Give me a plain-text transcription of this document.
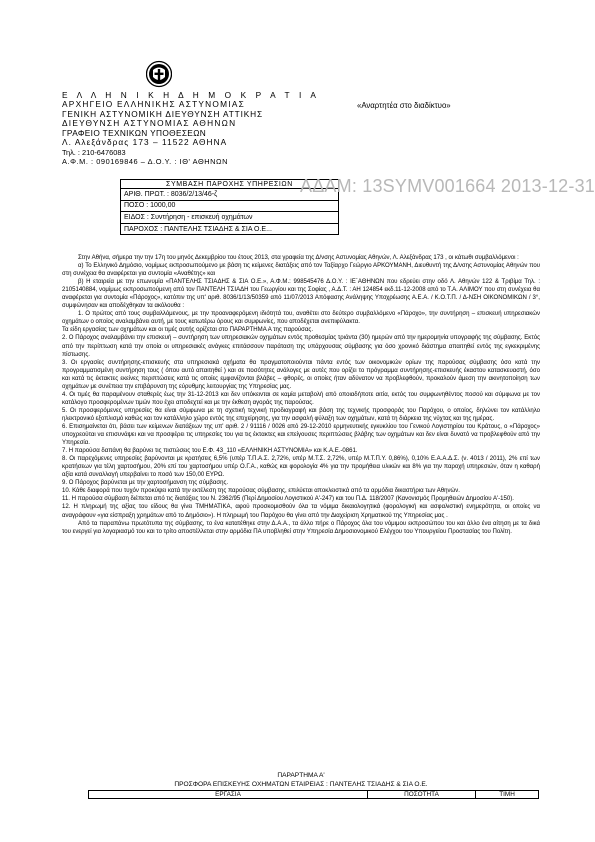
Ε Λ Λ Η Ν Ι Κ Η Δ Η Μ Ο Κ Ρ Α Τ Ι Α
ΑΡΧΗΓΕΙΟ ΕΛΛΗΝΙΚΗΣ ΑΣΤΥΝΟΜΙΑΣ
ΓΕΝΙΚΗ ΑΣΤΥΝΟΜΙΚΗ ΔΙΕΥΘΥΝΣΗ ΑΤΤΙΚΗΣ
ΔΙΕΥΘΥΝΣΗ ΑΣΤΥΝΟΜΙΑΣ ΑΘΗΝΩΝ
ΓΡΑΦΕΙΟ ΤΕΧΝΙΚΩΝ ΥΠΟΘΕΣΕΩΝ
Λ. Αλεξάνδρας 173 – 11522 ΑΘΗΝΑ
Τηλ. : 210-6476083
Α.Φ.Μ. : 090169846 – Δ.Ο.Υ. : ΙΘ' ΑΘΗΝΩΝ
«Αναρτητέα στο διαδίκτυο»
ΣΥΜΒΑΣΗ ΠΑΡΟΧΗΣ ΥΠΗΡΕΣΙΩΝ
ΑΡΙΘ. ΠΡΩΤ. : 8036/2/13/46-ζ
ΠΟΣΟ : 1000,00
ΕΙΔΟΣ : Συντήρηση - επισκευή οχημάτων
ΠΑΡΟΧΟΣ : ΠΑΝΤΕΛΗΣ ΤΣΙΑΔΗΣ & ΣΙΑ Ο.Ε...
ΑΔΑΜ: 13SYMV001664 2013-12-31

Στην Αθήνα, σήμερα την την 17η του μηνός Δεκεμβρίου του έτους 2013, στα γραφεία της Δ/νσης Αστυνομίας Αθηνών, Λ. Αλεξάνδρας 173 , οι κάτωθι συμβαλλόμενοι :

α) Το Ελληνικό Δημόσιο, νομίμως εκπροσωπούμενο με βάση τις κείμενες διατάξεις από τον Ταξίαρχο Γεώργιο ΑΡΚΟΥΜΑΝΗ, Διευθυντή της Δ/νσης Αστυνομίας Αθηνών που στη συνέχεια θα αναφέρεται για συντομία «Αναθέτης» και

β) Η εταιρεία με την επωνυμία «ΠΑΝΤΕΛΗΣ ΤΣΙΑΔΗΣ & ΣΙΑ Ο.Ε.», Α.Φ.Μ.: 998545476 Δ.Ο.Υ. : ΙΕ΄ΑΘΗΝΩΝ που εδρεύει στην οδό Λ. Αθηνών 122 & Τριβίμα Τηλ. : 2105140884, νομίμως εκπροσωπούμενη από τον ΠΑΝΤΕΛΗ ΤΣΙΑΔΗ του Γεωργίου και της Σοφίας , Α.Δ.Τ. : ΑΗ 124854 εκδ.11-12-2008 από το Τ.Α. ΑΛΙΜΟΥ που στη συνέχεια θα αναφέρεται για συντομία «Πάροχος», κατόπιν της υπ' αριθ. 8036/1/13/50359 από 11/07/2013 Απόφασης Ανάληψης Υποχρέωσης Α.Ε.Α. / Κ.Ο.Τ.Π. / Δ-ΝΣΗ ΟΙΚΟΝΟΜΙΚΩΝ / 3°, συμφώνησαν και αποδέχθηκαν τα ακόλουθα :

1. Ο πρώτος από τους συμβαλλόμενους, με την προαναφερόμενη ιδιότητά του, αναθέτει στο δεύτερο συμβαλλόμενο «Πάροχο», την συντήρηση – επισκευή υπηρεσιακών οχημάτων ο οποίος αναλαμβάνει αυτή, με τους κατωτέρω όρους και συμφωνίες, που αποδέχεται ανεπιφύλακτα.

Τα είδη εργασίας των οχημάτων και οι τιμές αυτής ορίζεται στο ΠΑΡΑΡΤΗΜΑ Α της παρούσας.

2. Ο Πάροχος αναλαμβάνει την επισκευή – συντήρηση των υπηρεσιακών οχημάτων εντός προθεσμίας τριάντα (30) ημερών από την ημερομηνία υπογραφής της σύμβασης. Εκτός από την περίπτωση κατά την οποία οι υπηρεσιακές ανάγκες επιτάσσουν παράταση της υπάρχουσας σύμβασης για όσο χρονικό διάστημα απαιτηθεί εντός της εγκεκριμένης πίστωσης.

3. Οι εργασίες συντήρησης-επισκευής στα υπηρεσιακά οχήματα θα πραγματοποιούνται πάντα εντός των οικονομικών ορίων της παρούσας σύμβασης όσο κατά την προγραμματισμένη συντήρηση τους ( όπου αυτό απαιτηθεί ) και σε ποσότητες ανάλογες με αυτές που ορίζει το πρόγραμμα συντήρησης-επισκευής έκαστου κατασκευαστή, όσο και κατά τις έκτακτες εκείνες περιπτώσεις κατά τις οποίες εμφανίζονται βλάβες – φθορές, οι οποίες ήταν αδύνατον να προβλεφθούν, προκαλούν άμεση την ακινητοποίηση των οχημάτων με συνέπεια την επιβάρυνση της εύρυθμης λειτουργίας της Υπηρεσίας μας.

4. Οι τιμές θα παραμένουν σταθερές έως την 31-12-2013 και δεν υπόκεινται σε καμία μεταβολή από οποιαδήποτε αιτία, εκτός του συμφωνηθέντος ποσού και σύμφωνα με τον κατάλογο προσφερομένων τιμών που έχει αποδεχτεί και με την έκθεση αγοράς της παρούσας.

5. Οι προσφερόμενες υπηρεσίες θα είναι σύμφωνα με τη σχετική τεχνική προδιαγραφή και βάση της τεχνικής προσφοράς του Παρόχου, ο οποίος, δηλώνει τον κατάλληλο ηλεκτρονικό εξοπλισμό καθώς και τον κατάλληλο χώρο εντός της επιχείρησης, για την ασφαλή φύλαξη των οχημάτων, κατά τη διάρκεια της νύχτας και της ημέρας.

6. Επισημαίνεται ότι, βάσει των κείμενων διατάξεων της υπ' αριθ. 2 / 91116 / 0026 από 29-12-2010 ερμηνευτικής εγκυκλίου του Γενικού Λογιστηρίου του Κράτους, ο «Πάροχος» υποχρεούται να επισυνάψει και να προσφέρει τις υπηρεσίες του για τις έκτακτες και επείγουσες περιπτώσεις βλάβης των οχημάτων και δεν είναι δυνατό να προβλεφθούν από την Υπηρεσία.

7. Η παρούσα δαπάνη θα βαρύνει τις πιστώσεις του Ε.Φ. 43_110 «ΕΛΛΗΝΙΚΗ ΑΣΤΥΝΟΜΙΑ» και Κ.Α.Ε.-0861.

8. Οι παρεχόμενες υπηρεσίες βαρύνονται με κρατήσεις 6,5% (υπέρ Τ.Π.Α.Σ. 2,72%, υπέρ Μ.Τ.Σ. 2,72%, υπέρ Μ.Τ.Π.Υ. 0,86%), 0,10% Ε.Α.Α.Δ.Σ. (ν. 4013 / 2011), 2% επί των κρατήσεων για τέλη χαρτοσήμου, 20% επί του χαρτοσήμου υπέρ Ο.Γ.Α., καθώς και φορολογία 4% για την προμήθεια υλικών και 8% για την παροχή υπηρεσιών, όταν η καθαρή αξία κατά συναλλαγή υπερβαίνει το ποσό των 150,00 ΕΥΡΩ.

9. Ο Πάροχος βαρύνεται με την χαρτοσήμανση της σύμβασης.

10. Κάθε διαφορά που τυχόν προκύψει κατά την εκτέλεση της παρούσας σύμβασης, επιλύεται αποκλειστικά από τα αρμόδια δικαστήρια των Αθηνών.

11. Η παρούσα σύμβαση διέπεται από τις διατάξεις του Ν. 2362/95 (Περί Δημοσίου Λογιστικού Α'-247) και του Π.Δ. 118/2007 (Κανονισμός Προμηθειών Δημοσίου Α'-150).

12. Η πληρωμή της αξίας του είδους θα γίνει ΤΜΗΜΑΤΙΚΑ, αφού προσκομισθούν όλα τα νόμιμα δικαιολογητικά (φορολογική και ασφαλιστική ενημερότητα, οι οποίες να αναγράφουν «για είσπραξη χρημάτων από το Δημόσιο»). Η πληρωμή του Παρόχου θα γίνει από την Διαχείριση Χρηματικού της Υπηρεσίας μας .

Από τα παραπάνω πρωτότυπα της σύμβασης, το ένα κατατέθηκε στην Δ.Α.Α., τα άλλο πήρε ο Πάροχος όλα του νόμιμου εκπροσώπου του και άλλο ένα αίτηση με τα δικά του ενεργεί για λογαριασμό του και το τρίτο αποστέλλεται στην αρμόδια ΠΑ υποβληθεί στην Υπηρεσία Δημοσιονομικού Ελέγχου του Υπουργείου Προστασίας του Πολίτη.

ΠΑΡΑΡΤΗΜΑ Α'
ΠΡΟΣΦΟΡΑ ΕΠΙΣΚΕΥΗΣ ΟΧΗΜΑΤΩΝ ΕΤΑΙΡΕΙΑΣ : ΠΑΝΤΕΛΗΣ ΤΣΙΑΔΗΣ & ΣΙΑ Ο.Ε.
ΕΡΓΑΣΙΑ	ΠΟΣΟΤΗΤΑ	ΤΙΜΗ
